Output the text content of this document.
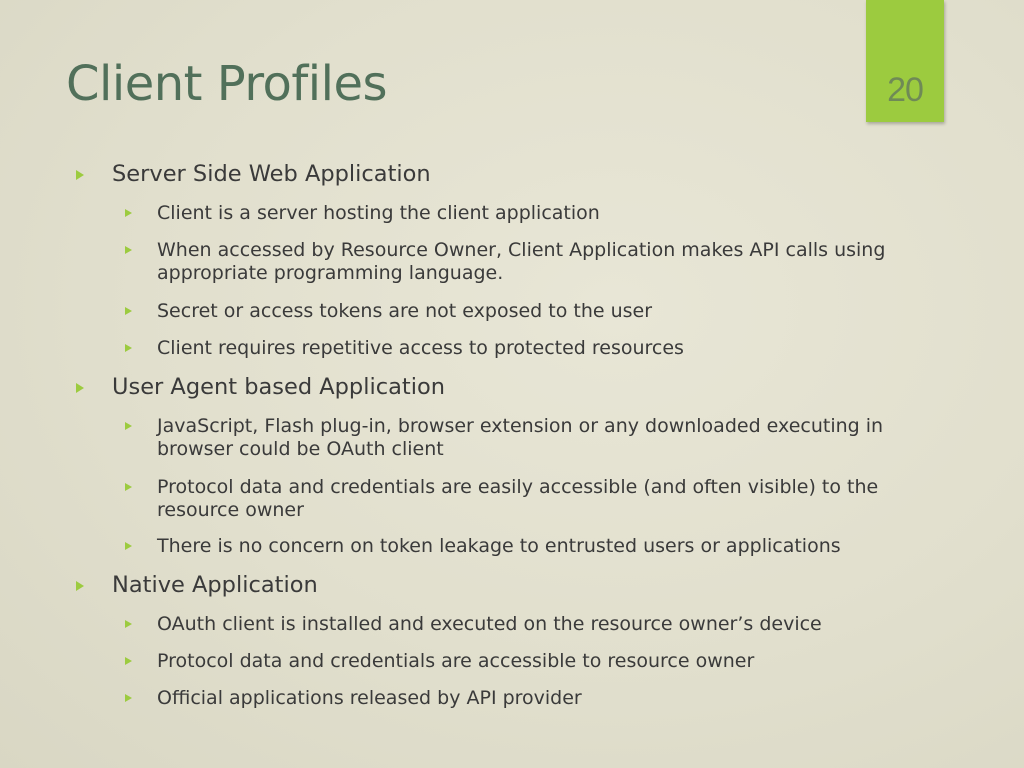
Client Profiles	20
Server Side Web Application
Client is a server hosting the client application
When accessed by Resource Owner, Client Application makes API calls using appropriate programming language.
Secret or access tokens are not exposed to the user
Client requires repetitive access to protected resources
User Agent based Application
JavaScript, Flash plug-in, browser extension or any downloaded executing in browser could be OAuth client
Protocol data and credentials are easily accessible (and often visible) to the resource owner
There is no concern on token leakage to entrusted users or applications
Native Application
OAuth client is installed and executed on the resource owner’s device
Protocol data and credentials are accessible to resource owner
Official applications released by API provider
